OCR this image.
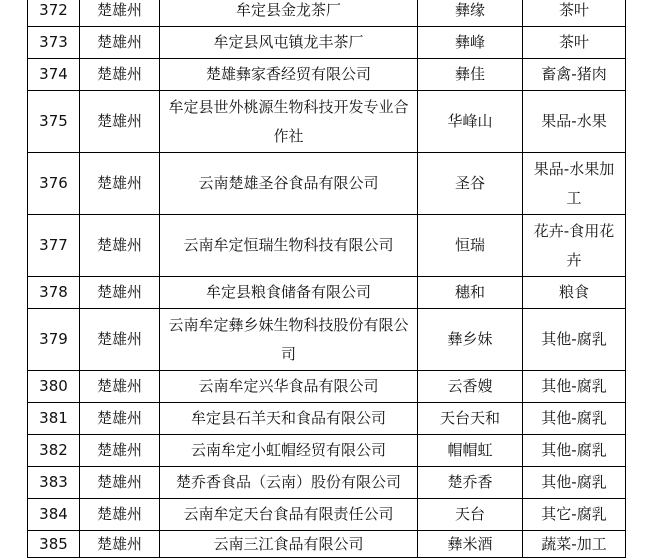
372	楚雄州	牟定县金龙茶厂	彝缘	茶叶
373	楚雄州	牟定县风屯镇龙丰茶厂	彝峰	茶叶
374	楚雄州	楚雄彝家香经贸有限公司	彝佳	畜禽-猪肉
375	楚雄州	牟定县世外桃源生物科技开发专业合作社	华峰山	果品-水果
376	楚雄州	云南楚雄圣谷食品有限公司	圣谷	果品-水果加工
377	楚雄州	云南牟定恒瑞生物科技有限公司	恒瑞	花卉-食用花卉
378	楚雄州	牟定县粮食储备有限公司	穗和	粮食
379	楚雄州	云南牟定彝乡妹生物科技股份有限公司	彝乡妹	其他-腐乳
380	楚雄州	云南牟定兴华食品有限公司	云香嫂	其他-腐乳
381	楚雄州	牟定县石羊天和食品有限公司	天台天和	其他-腐乳
382	楚雄州	云南牟定小虹帽经贸有限公司	帽帽虹	其他-腐乳
383	楚雄州	楚乔香食品（云南）股份有限公司	楚乔香	其他-腐乳
384	楚雄州	云南牟定天台食品有限责任公司	天台	其它-腐乳
385	楚雄州	云南三江食品有限公司	彝米酒	蔬菜-加工
